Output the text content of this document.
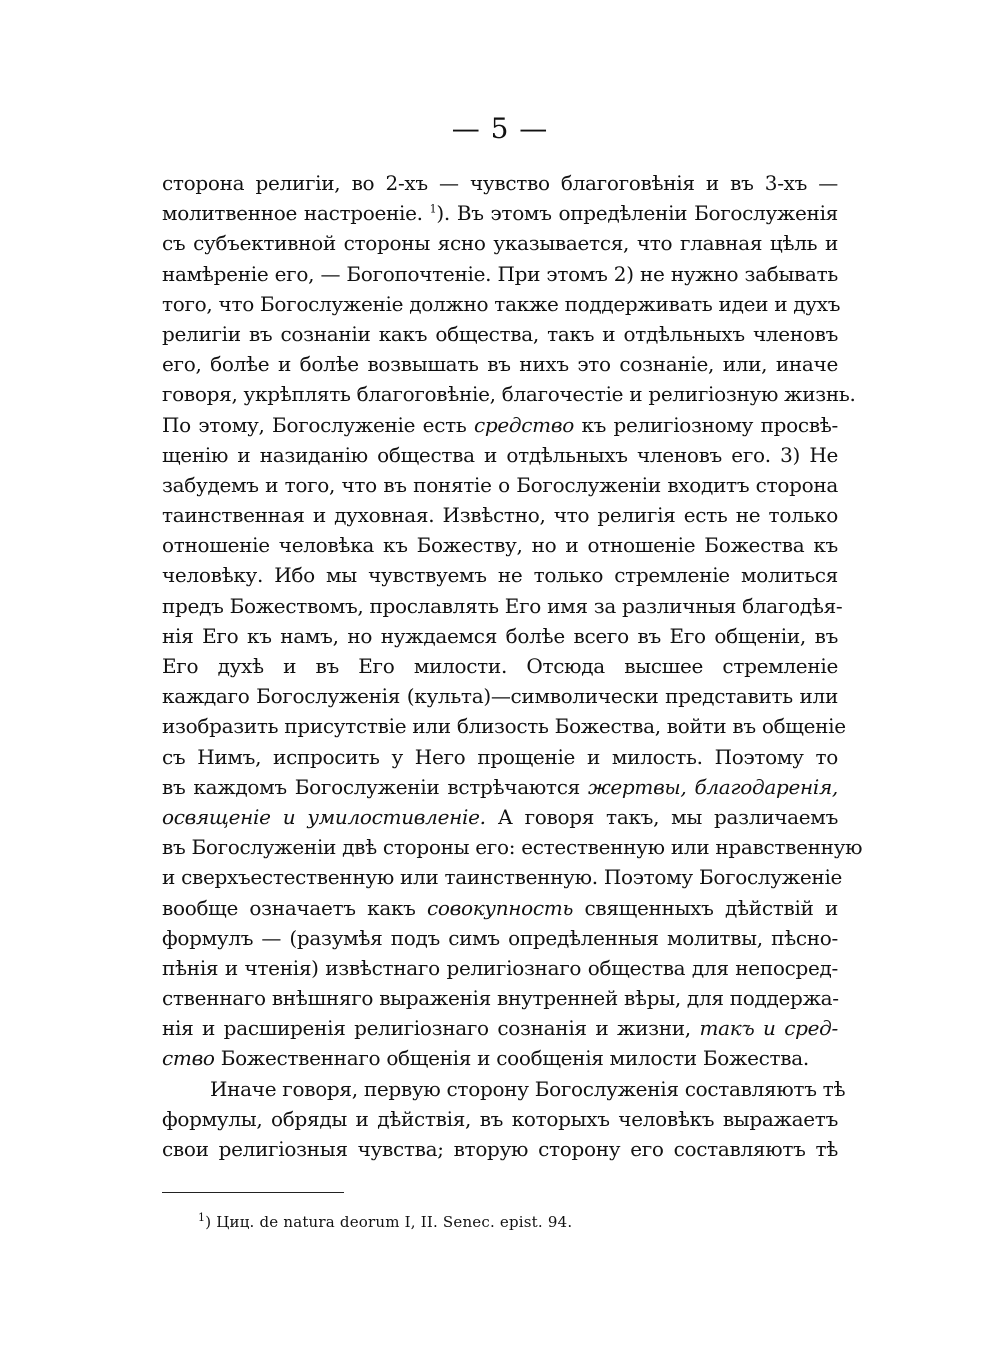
— 5 —
сторона религіи, во 2-хъ — чувство благоговѣнія и въ 3-хъ —
молитвенное настроеніе. $^1$). Въ этомъ опредѣленіи Богослуженія
съ субъективной стороны ясно указывается, что главная цѣль и
намѣреніе его, — Богопочтеніе. При этомъ 2) не нужно забывать
того, что Богослуженіе должно также поддерживать идеи и духъ
религіи въ сознаніи какъ общества, такъ и отдѣльныхъ членовъ
его, болѣе и болѣе возвышать въ нихъ это сознаніе, или, иначе
говоря, укрѣплять благоговѣніе, благочестіе и религіозную жизнь.
По этому, Богослуженіе есть средство къ религіозному просвѣ-
щенію и назиданію общества и отдѣльныхъ членовъ его. 3) Не
забудемъ и того, что въ понятіе о Богослуженіи входитъ сторона
таинственная и духовная. Извѣстно, что религія есть не только
отношеніе человѣка къ Божеству, но и отношеніе Божества къ
человѣку. Ибо мы чувствуемъ не только стремленіе молиться
предъ Божествомъ, прославлять Его имя за различныя благодѣя-
нія Его къ намъ, но нуждаемся болѣе всего въ Его общеніи, въ
Его духѣ и въ Его милости. Отсюда высшее стремленіе
каждаго Богослуженія (культа)—символически представить или
изобразить присутствіе или близость Божества, войти въ общеніе
съ Нимъ, испросить у Него прощеніе и милость. Поэтому то
въ каждомъ Богослуженіи встрѣчаются жертвы, благодаренія,
освященіе и умилостивленіе. А говоря такъ, мы различаемъ
въ Богослуженіи двѣ стороны его: естественную или нравственную
и сверхъестественную или таинственную. Поэтому Богослуженіе
вообще означаетъ какъ совокупность священныхъ дѣйствій и
формулъ — (разумѣя подъ симъ опредѣленныя молитвы, пѣсно-
пѣнія и чтенія) извѣстнаго религіознаго общества для непосред-
ственнаго внѣшняго выраженія внутренней вѣры, для поддержа-
нія и расширенія религіознаго сознанія и жизни, такъ и сред-
ство Божественнаго общенія и сообщенія милости Божества.
Иначе говоря, первую сторону Богослуженія составляютъ тѣ
формулы, обряды и дѣйствія, въ которыхъ человѣкъ выражаетъ
свои религіозныя чувства; вторую сторону его составляютъ тѣ
$^1$) Циц. de natura deorum I, II. Senec. epist. 94.
